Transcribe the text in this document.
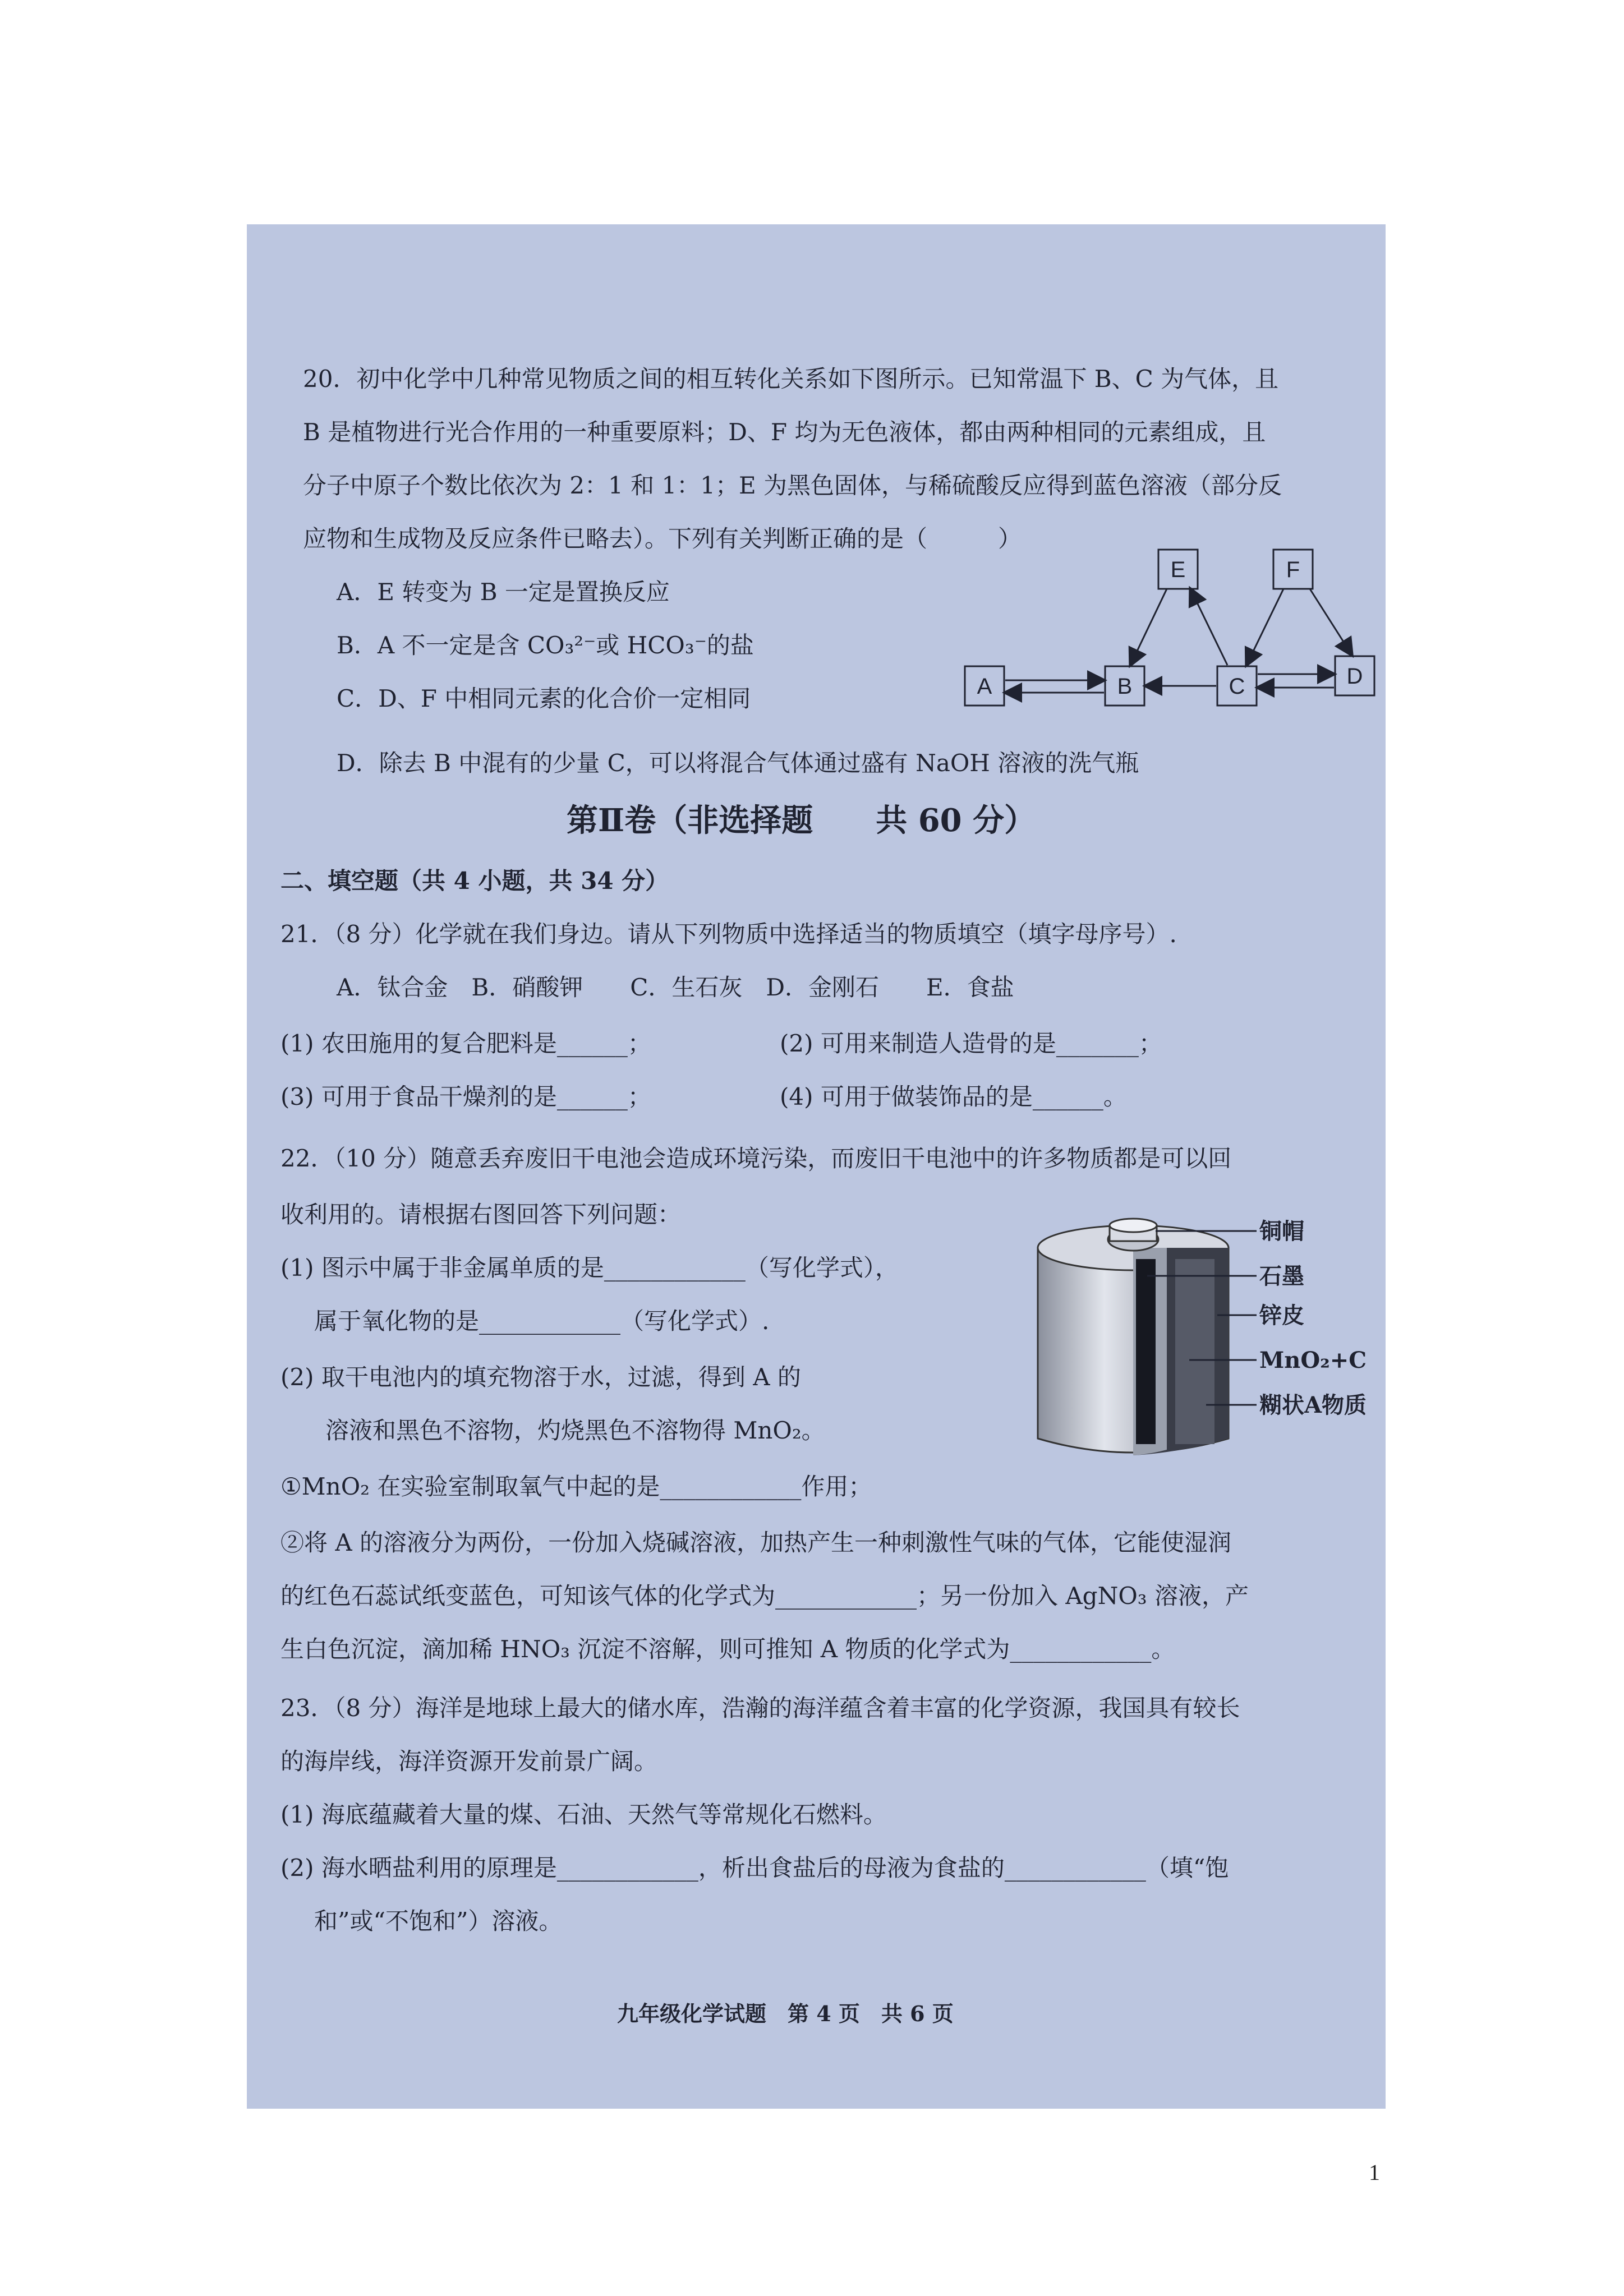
20．初中化学中几种常见物质之间的相互转化关系如下图所示。已知常温下 B、C 为气体，且
B 是植物进行光合作用的一种重要原料；D、F 均为无色液体，都由两种相同的元素组成，且
分子中原子个数比依次为 2：1 和 1：1；E 为黑色固体，与稀硫酸反应得到蓝色溶液（部分反
应物和生成物及反应条件已略去）。下列有关判断正确的是（　　　）
A．E 转变为 B 一定是置换反应
B．A 不一定是含 CO₃²⁻或 HCO₃⁻的盐
C．D、F 中相同元素的化合价一定相同
D．除去 B 中混有的少量 C，可以将混合气体通过盛有 NaOH 溶液的洗气瓶
A	B	C	D
E	F
第Ⅱ卷（非选择题　　共 60 分）
二、填空题（共 4 小题，共 34 分）
21．（8 分）化学就在我们身边。请从下列物质中选择适当的物质填空（填字母序号）.
A．钛合金　B．硝酸钾　　C．生石灰　D．金刚石　　E．食盐
(1) 农田施用的复合肥料是______；	(2) 可用来制造人造骨的是_______；
(3) 可用于食品干燥剂的是______；	(4) 可用于做装饰品的是______。
22．（10 分）随意丢弃废旧干电池会造成环境污染，而废旧干电池中的许多物质都是可以回
收利用的。请根据右图回答下列问题：
(1) 图示中属于非金属单质的是____________（写化学式），
属于氧化物的是____________（写化学式）.
(2) 取干电池内的填充物溶于水，过滤，得到 A 的
溶液和黑色不溶物，灼烧黑色不溶物得 MnO₂。
①MnO₂ 在实验室制取氧气中起的是____________作用；
②将 A 的溶液分为两份，一份加入烧碱溶液，加热产生一种刺激性气味的气体，它能使湿润
的红色石蕊试纸变蓝色，可知该气体的化学式为____________；另一份加入 AgNO₃ 溶液，产
生白色沉淀，滴加稀 HNO₃ 沉淀不溶解，则可推知 A 物质的化学式为____________。
铜帽
石墨
锌皮
MnO₂+C
糊状A物质
23．（8 分）海洋是地球上最大的储水库，浩瀚的海洋蕴含着丰富的化学资源，我国具有较长
的海岸线，海洋资源开发前景广阔。
(1) 海底蕴藏着大量的煤、石油、天然气等常规化石燃料。
(2) 海水晒盐利用的原理是____________，析出食盐后的母液为食盐的____________（填“饱
和”或“不饱和”）溶液。
九年级化学试题　第 4 页　共 6 页
1
